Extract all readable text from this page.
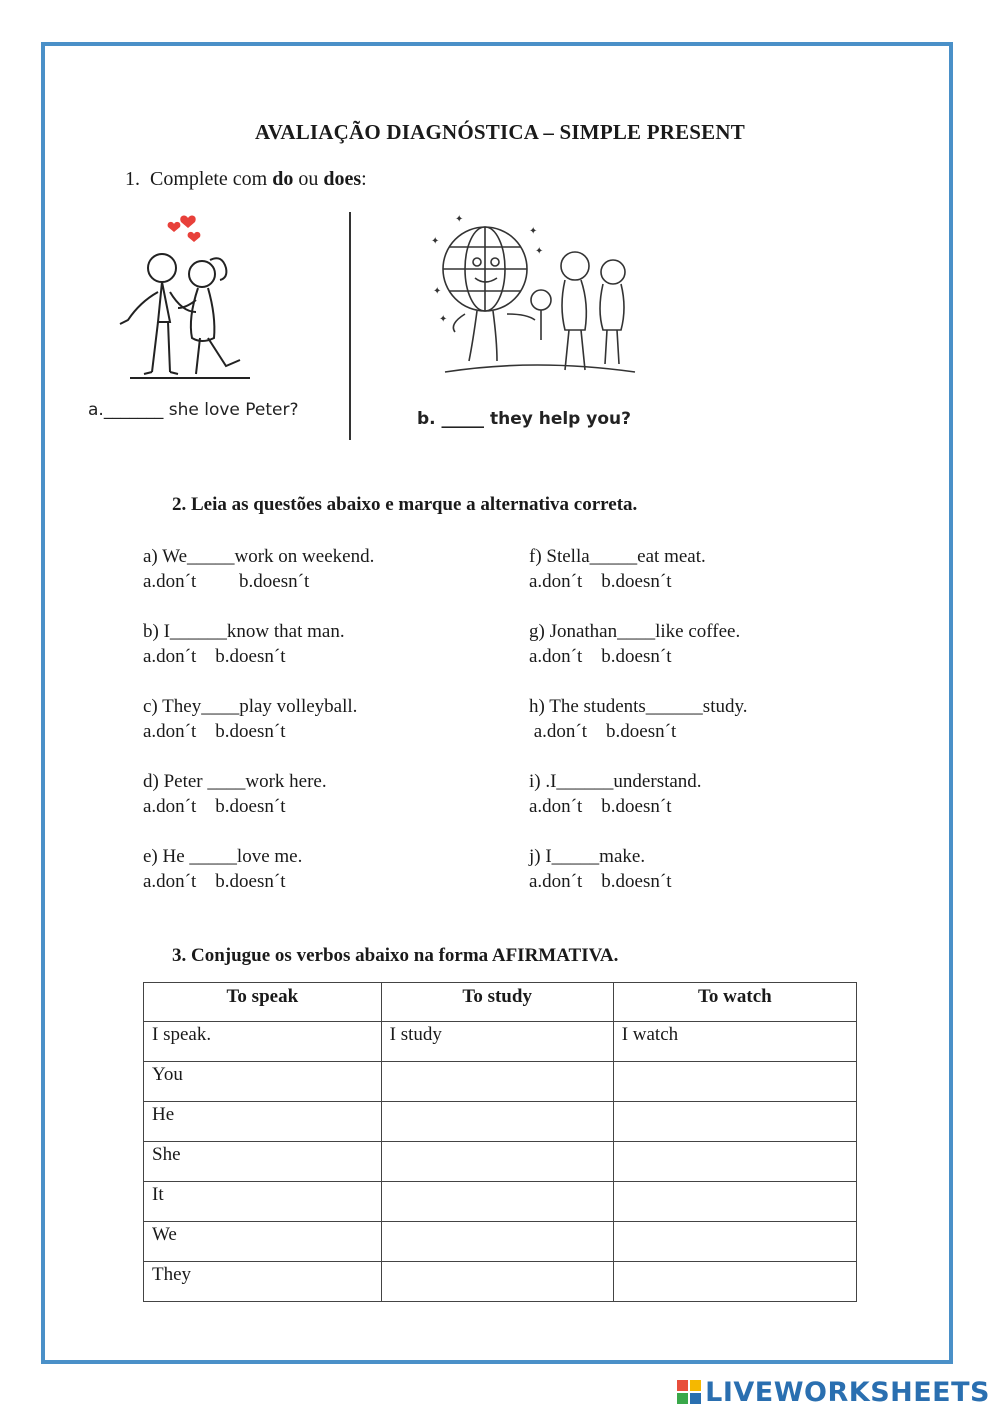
AVALIAÇÃO DIAGNÓSTICA – SIMPLE PRESENT
1. Complete com do ou does:
✦
✦
✦
✦
✦
✦
a._______ she love Peter?	b. _____ they help you?
2. Leia as questões abaixo e marque a alternativa correta.
a) We_____work on weekend.
a.don´t         b.doesn´t
b) I______know that man.
a.don´t    b.doesn´t
c) They____play volleyball.
a.don´t    b.doesn´t
d) Peter ____work here.
a.don´t    b.doesn´t
e) He _____love me.
a.don´t    b.doesn´t
f) Stella_____eat meat.
a.don´t    b.doesn´t
g) Jonathan____like coffee.
a.don´t    b.doesn´t
h) The students______study.
a.don´t    b.doesn´t
i) .I______understand.
a.don´t    b.doesn´t
j) I_____make.
a.don´t    b.doesn´t
3. Conjugue os verbos abaixo na forma AFIRMATIVA.
To speak	To study	To watch
I speak.	I study	I watch
You		
He		
She		
It		
We		
They		
LIVEWORKSHEETS
